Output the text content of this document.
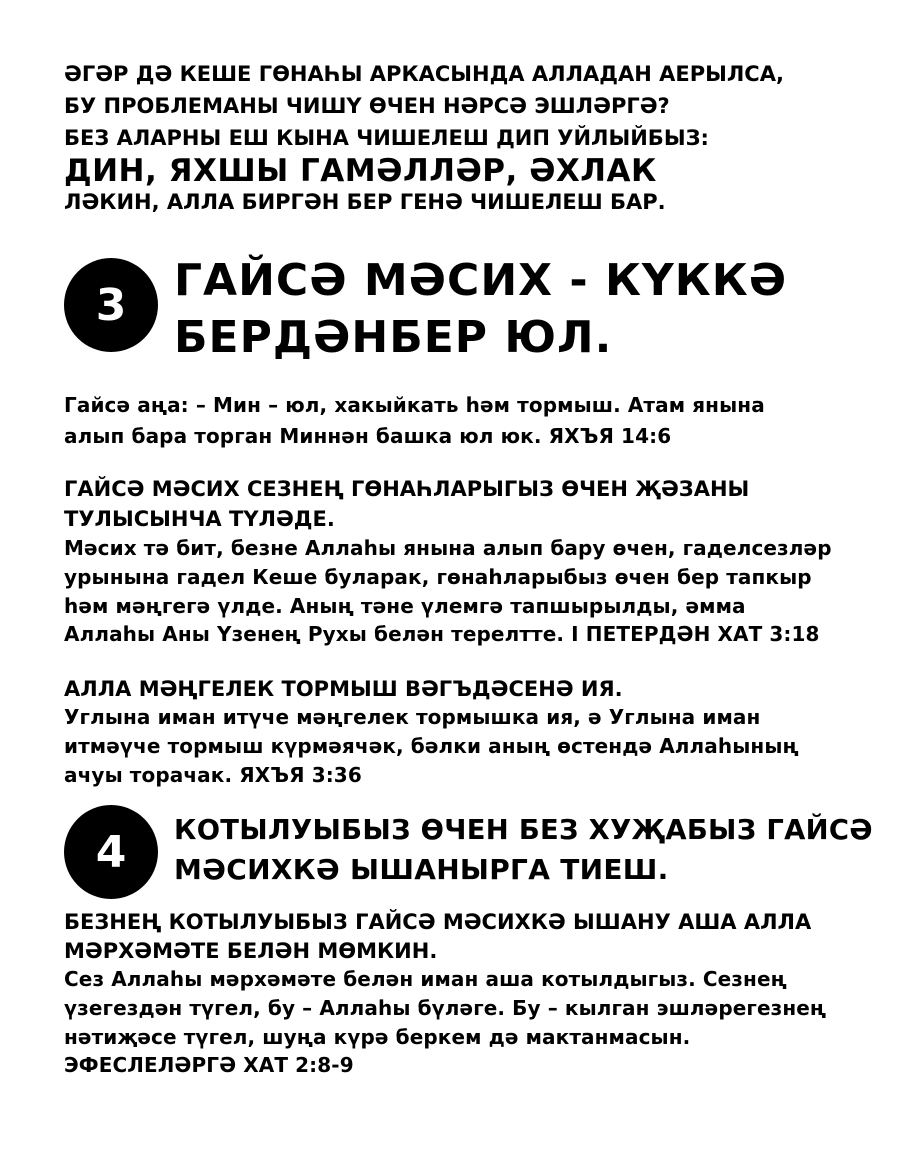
ӘГӘР ДӘ КЕШЕ ГӨНАҺЫ АРКАСЫНДА АЛЛАДАН АЕРЫЛСА,

БУ ПРОБЛЕМАНЫ ЧИШҮ ӨЧЕН НӘРСӘ ЭШЛӘРГӘ?

БЕЗ АЛАРНЫ ЕШ КЫНА ЧИШЕЛЕШ ДИП УЙЛЫЙБЫЗ:

ДИН, ЯХШЫ ГАМӘЛЛӘР, ӘХЛАК

ЛӘКИН, АЛЛА БИРГӘН БЕР ГЕНӘ ЧИШЕЛЕШ БАР.

3 ГАЙСӘ МӘСИХ - КҮККӘ

БЕРДӘНБЕР ЮЛ.

Гайсә аңа: – Мин – юл, хакыйкать һәм тормыш. Атам янына

алып бара торган Миннән башка юл юк. ЯХЪЯ 14:6

ГАЙСӘ МӘСИХ СЕЗНЕҢ ГӨНАҺЛАРЫГЫЗ ӨЧЕН ҖӘЗАНЫ

ТУЛЫСЫНЧА ТҮЛӘДЕ.

Мәсих тә бит, безне Аллаһы янына алып бару өчен, гаделсезләр

урынына гадел Кеше буларак, гөнаһларыбыз өчен бер тапкыр

һәм мәңгегә үлде. Аның тәне үлемгә тапшырылды, әмма

Аллаһы Аны Үзенең Рухы белән терелтте. I ПЕТЕРДӘН ХАТ 3:18

АЛЛА МӘҢГЕЛЕК ТОРМЫШ ВӘГЪДӘСЕНӘ ИЯ.

Углына иман итүче мәңгелек тормышка ия, ә Углына иман

итмәүче тормыш күрмәячәк, бәлки аның өстендә Аллаһының

ачуы торачак. ЯХЪЯ 3:36

4 КОТЫЛУЫБЫЗ ӨЧЕН БЕЗ ХУҖАБЫЗ ГАЙСӘ

МӘСИХКӘ ЫШАНЫРГА ТИЕШ.

БЕЗНЕҢ КОТЫЛУЫБЫЗ ГАЙСӘ МӘСИХКӘ ЫШАНУ АША АЛЛА

МӘРХӘМӘТЕ БЕЛӘН МӨМКИН.

Сез Аллаһы мәрхәмәте белән иман аша котылдыгыз. Сезнең

үзегездән түгел, бу – Аллаһы бүләге. Бу – кылган эшләрегезнең

нәтиҗәсе түгел, шуңа күрә беркем дә мактанмасын.

ЭФЕСЛЕЛӘРГӘ ХАТ 2:8-9
